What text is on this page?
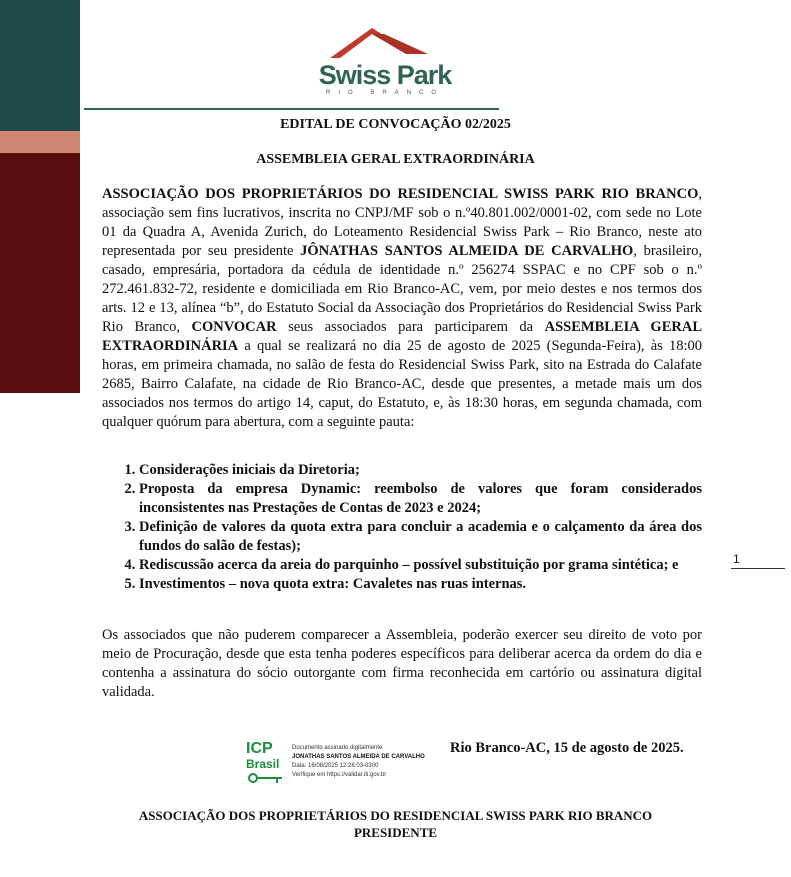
Swiss Park
RIO BRANCO
EDITAL DE CONVOCAÇÃO 02/2025
ASSEMBLEIA GERAL EXTRAORDINÁRIA
ASSOCIAÇÃO DOS PROPRIETÁRIOS DO RESIDENCIAL SWISS PARK RIO BRANCO, associação sem fins lucrativos, inscrita no CNPJ/MF sob o n.º40.801.002/0001-02, com sede no Lote 01 da Quadra A, Avenida Zurich, do Loteamento Residencial Swiss Park – Rio Branco, neste ato representada por seu presidente JÔNATHAS SANTOS ALMEIDA DE CARVALHO, brasileiro, casado, empresária, portadora da cédula de identidade n.º 256274 SSPAC e no CPF sob o n.º 272.461.832-72, residente e domiciliada em Rio Branco-AC, vem, por meio destes e nos termos dos arts. 12 e 13, alínea “b”, do Estatuto Social da Associação dos Proprietários do Residencial Swiss Park Rio Branco, CONVOCAR seus associados para participarem da ASSEMBLEIA GERAL EXTRAORDINÁRIA a qual se realizará no dia 25 de agosto de 2025 (Segunda-Feira), às 18:00 horas, em primeira chamada, no salão de festa do Residencial Swiss Park, sito na Estrada do Calafate 2685, Bairro Calafate, na cidade de Rio Branco-AC, desde que presentes, a metade mais um dos associados nos termos do artigo 14, caput, do Estatuto, e, às 18:30 horas, em segunda chamada, com qualquer quórum para abertura, com a seguinte pauta:
1. Considerações iniciais da Diretoria;
2. Proposta da empresa Dynamic: reembolso de valores que foram considerados inconsistentes nas Prestações de Contas de 2023 e 2024;
3. Definição de valores da quota extra para concluir a academia e o calçamento da área dos fundos do salão de festas);
4. Rediscussão acerca da areia do parquinho – possível substituição por grama sintética; e
5. Investimentos – nova quota extra: Cavaletes nas ruas internas.
1
Os associados que não puderem comparecer a Assembleia, poderão exercer seu direito de voto por meio de Procuração, desde que esta tenha poderes específicos para deliberar acerca da ordem do dia e contenha a assinatura do sócio outorgante com firma reconhecida em cartório ou assinatura digital validada.
ICP
Brasil
Documento assinado digitalmente
JONATHAS SANTOS ALMEIDA DE CARVALHO
Data: 16/08/2025 12:28:03-0300
Verifique em https://validar.iti.gov.br
Rio Branco-AC, 15 de agosto de 2025.
ASSOCIAÇÃO DOS PROPRIETÁRIOS DO RESIDENCIAL SWISS PARK RIO BRANCO
PRESIDENTE
